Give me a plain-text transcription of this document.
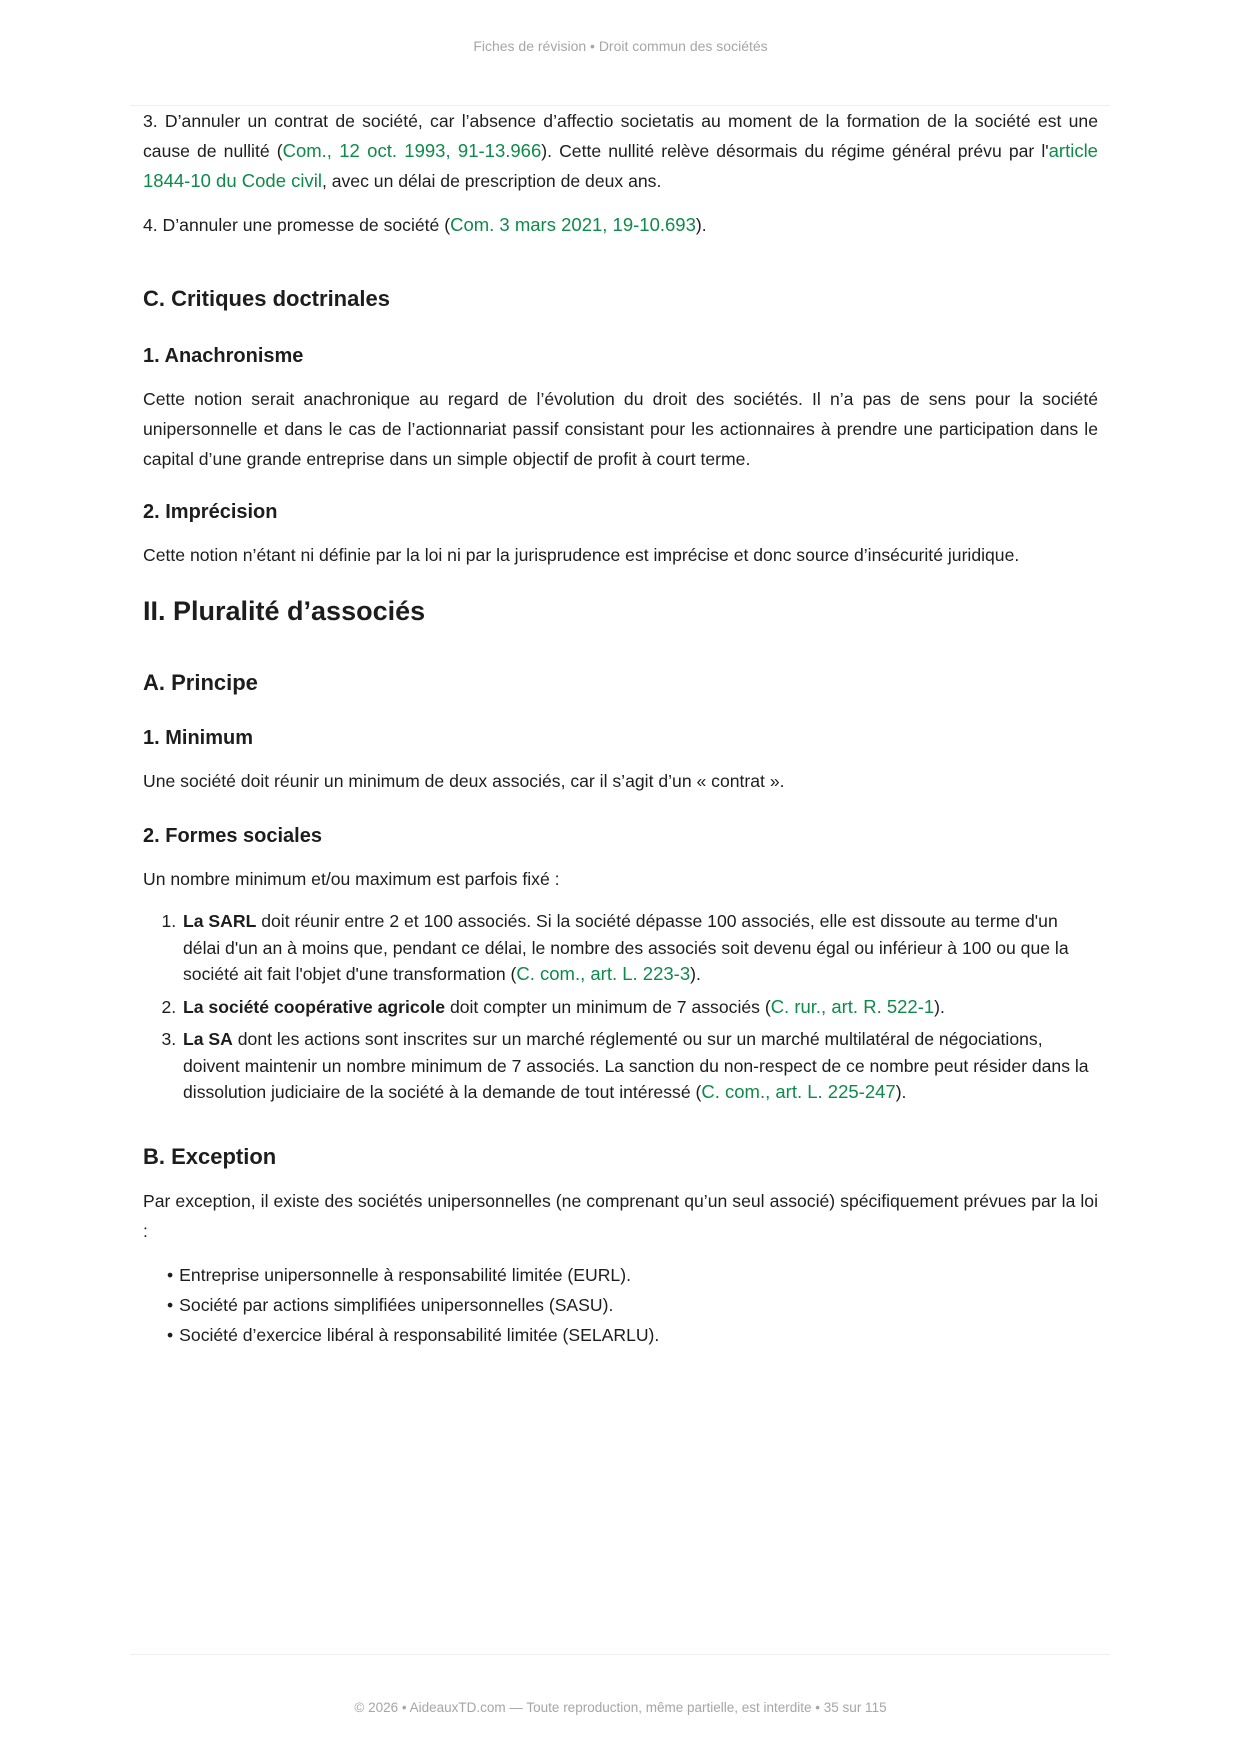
Fiches de révision • Droit commun des sociétés

3. D’annuler un contrat de société, car l’absence d’affectio societatis au moment de la formation de la société est une cause de nullité (Com., 12 oct. 1993, 91-13.966). Cette nullité relève désormais du régime général prévu par l'article 1844-10 du Code civil, avec un délai de prescription de deux ans.

4. D’annuler une promesse de société (Com. 3 mars 2021, 19-10.693).

C. Critiques doctrinales
1. Anachronisme

Cette notion serait anachronique au regard de l’évolution du droit des sociétés. Il n’a pas de sens pour la société unipersonnelle et dans le cas de l’actionnariat passif consistant pour les actionnaires à prendre une participation dans le capital d’une grande entreprise dans un simple objectif de profit à court terme.

2. Imprécision

Cette notion n’étant ni définie par la loi ni par la jurisprudence est imprécise et donc source d’insécurité juridique.

II. Pluralité d’associés
A. Principe
1. Minimum

Une société doit réunir un minimum de deux associés, car il s’agit d’un « contrat ».

2. Formes sociales

Un nombre minimum et/ou maximum est parfois fixé :

1. La SARL doit réunir entre 2 et 100 associés. Si la société dépasse 100 associés, elle est dissoute au terme d'un délai d'un an à moins que, pendant ce délai, le nombre des associés soit devenu égal ou inférieur à 100 ou que la société ait fait l'objet d'une transformation (C. com., art. L. 223-3).
2. La société coopérative agricole doit compter un minimum de 7 associés (C. rur., art. R. 522-1).
3. La SA dont les actions sont inscrites sur un marché réglementé ou sur un marché multilatéral de négociations, doivent maintenir un nombre minimum de 7 associés. La sanction du non-respect de ce nombre peut résider dans la dissolution judiciaire de la société à la demande de tout intéressé (C. com., art. L. 225-247).
B. Exception

Par exception, il existe des sociétés unipersonnelles (ne comprenant qu’un seul associé) spécifiquement prévues par la loi :

• Entreprise unipersonnelle à responsabilité limitée (EURL).
• Société par actions simplifiées unipersonnelles (SASU).
• Société d’exercice libéral à responsabilité limitée (SELARLU).
© 2026 • AideauxTD.com — Toute reproduction, même partielle, est interdite • 35 sur 115
